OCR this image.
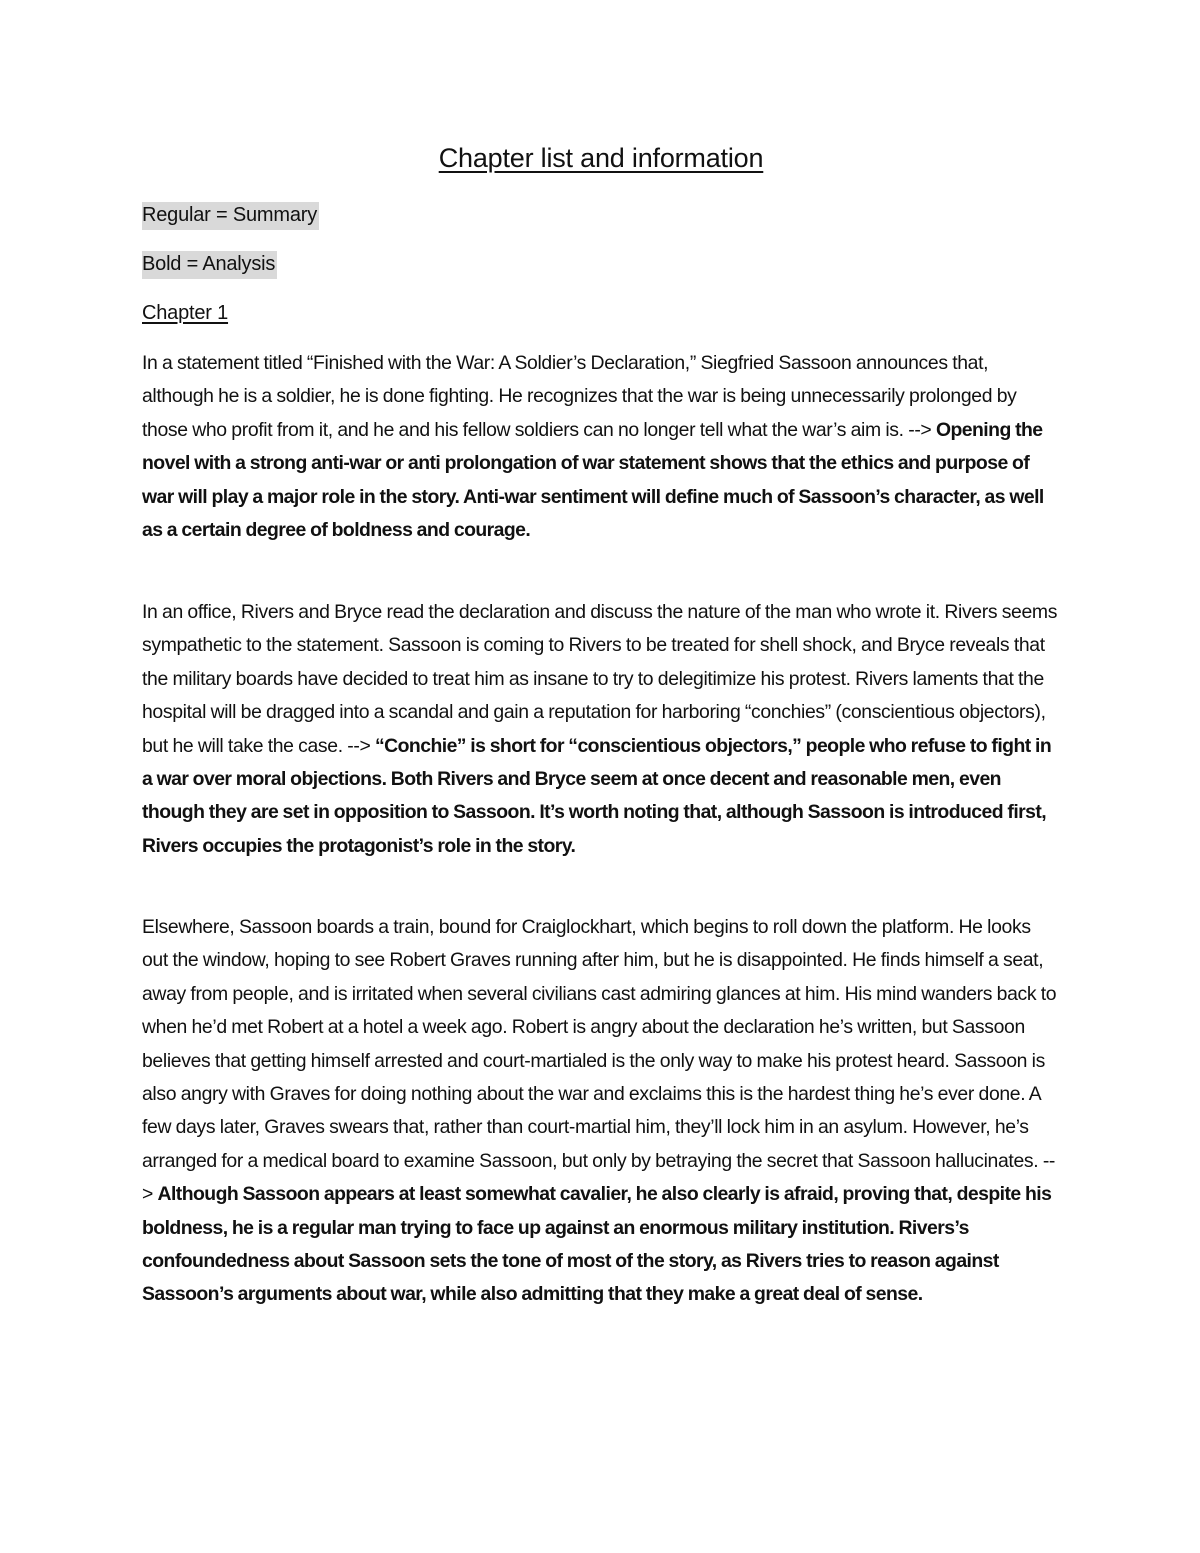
Chapter list and information
Regular = Summary
Bold = Analysis
Chapter 1

In a statement titled “Finished with the War: A Soldier’s Declaration,” Siegfried Sassoon announces that, although he is a soldier, he is done fighting. He recognizes that the war is being unnecessarily prolonged by those who profit from it, and he and his fellow soldiers can no longer tell what the war’s aim is. --> Opening the novel with a strong anti-war or anti prolongation of war statement shows that the ethics and purpose of war will play a major role in the story. Anti-war sentiment will define much of Sassoon’s character, as well as a certain degree of boldness and courage.

In an office, Rivers and Bryce read the declaration and discuss the nature of the man who wrote it. Rivers seems sympathetic to the statement. Sassoon is coming to Rivers to be treated for shell shock, and Bryce reveals that the military boards have decided to treat him as insane to try to delegitimize his protest. Rivers laments that the hospital will be dragged into a scandal and gain a reputation for harboring “conchies” (conscientious objectors), but he will take the case. --> “Conchie” is short for “conscientious objectors,” people who refuse to fight in a war over moral objections. Both Rivers and Bryce seem at once decent and reasonable men, even though they are set in opposition to Sassoon. It’s worth noting that, although Sassoon is introduced first, Rivers occupies the protagonist’s role in the story.

Elsewhere, Sassoon boards a train, bound for Craiglockhart, which begins to roll down the platform. He looks out the window, hoping to see Robert Graves running after him, but he is disappointed. He finds himself a seat, away from people, and is irritated when several civilians cast admiring glances at him. His mind wanders back to when he’d met Robert at a hotel a week ago. Robert is angry about the declaration he’s written, but Sassoon believes that getting himself arrested and court-martialed is the only way to make his protest heard. Sassoon is also angry with Graves for doing nothing about the war and exclaims this is the hardest thing he’s ever done. A few days later, Graves swears that, rather than court-martial him, they’ll lock him in an asylum. However, he’s arranged for a medical board to examine Sassoon, but only by betraying the secret that Sassoon hallucinates. --> Although Sassoon appears at least somewhat cavalier, he also clearly is afraid, proving that, despite his boldness, he is a regular man trying to face up against an enormous military institution. Rivers’s confoundedness about Sassoon sets the tone of most of the story, as Rivers tries to reason against Sassoon’s arguments about war, while also admitting that they make a great deal of sense.
